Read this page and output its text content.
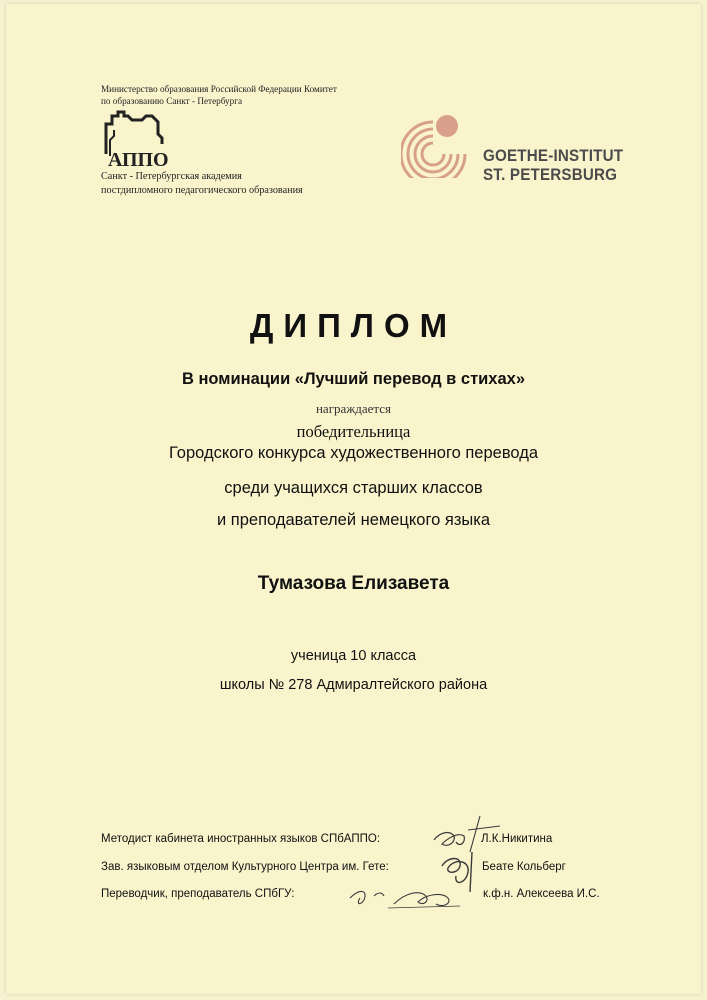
Министерство образования Российской Федерации Комитет
по образованию Санкт - Петербурга
АППО
Санкт - Петербургская академия
постдипломного педагогического образования
GOETHE-INSTITUT
ST. PETERSBURG
ДИПЛОМ
В номинации «Лучший перевод в стихах»
награждается
победительница
Городского конкурса художественного перевода
среди учащихся старших классов
и преподавателей немецкого языка
Тумазова Елизавета
ученица 10 класса
школы № 278 Адмиралтейского района
Методист кабинета иностранных языков СПбАППО:
Зав. языковым отделом Культурного Центра им. Гете:
Переводчик, преподаватель СПбГУ:
Л.К.Никитина
Беате Кольберг
к.ф.н. Алексеева И.С.
